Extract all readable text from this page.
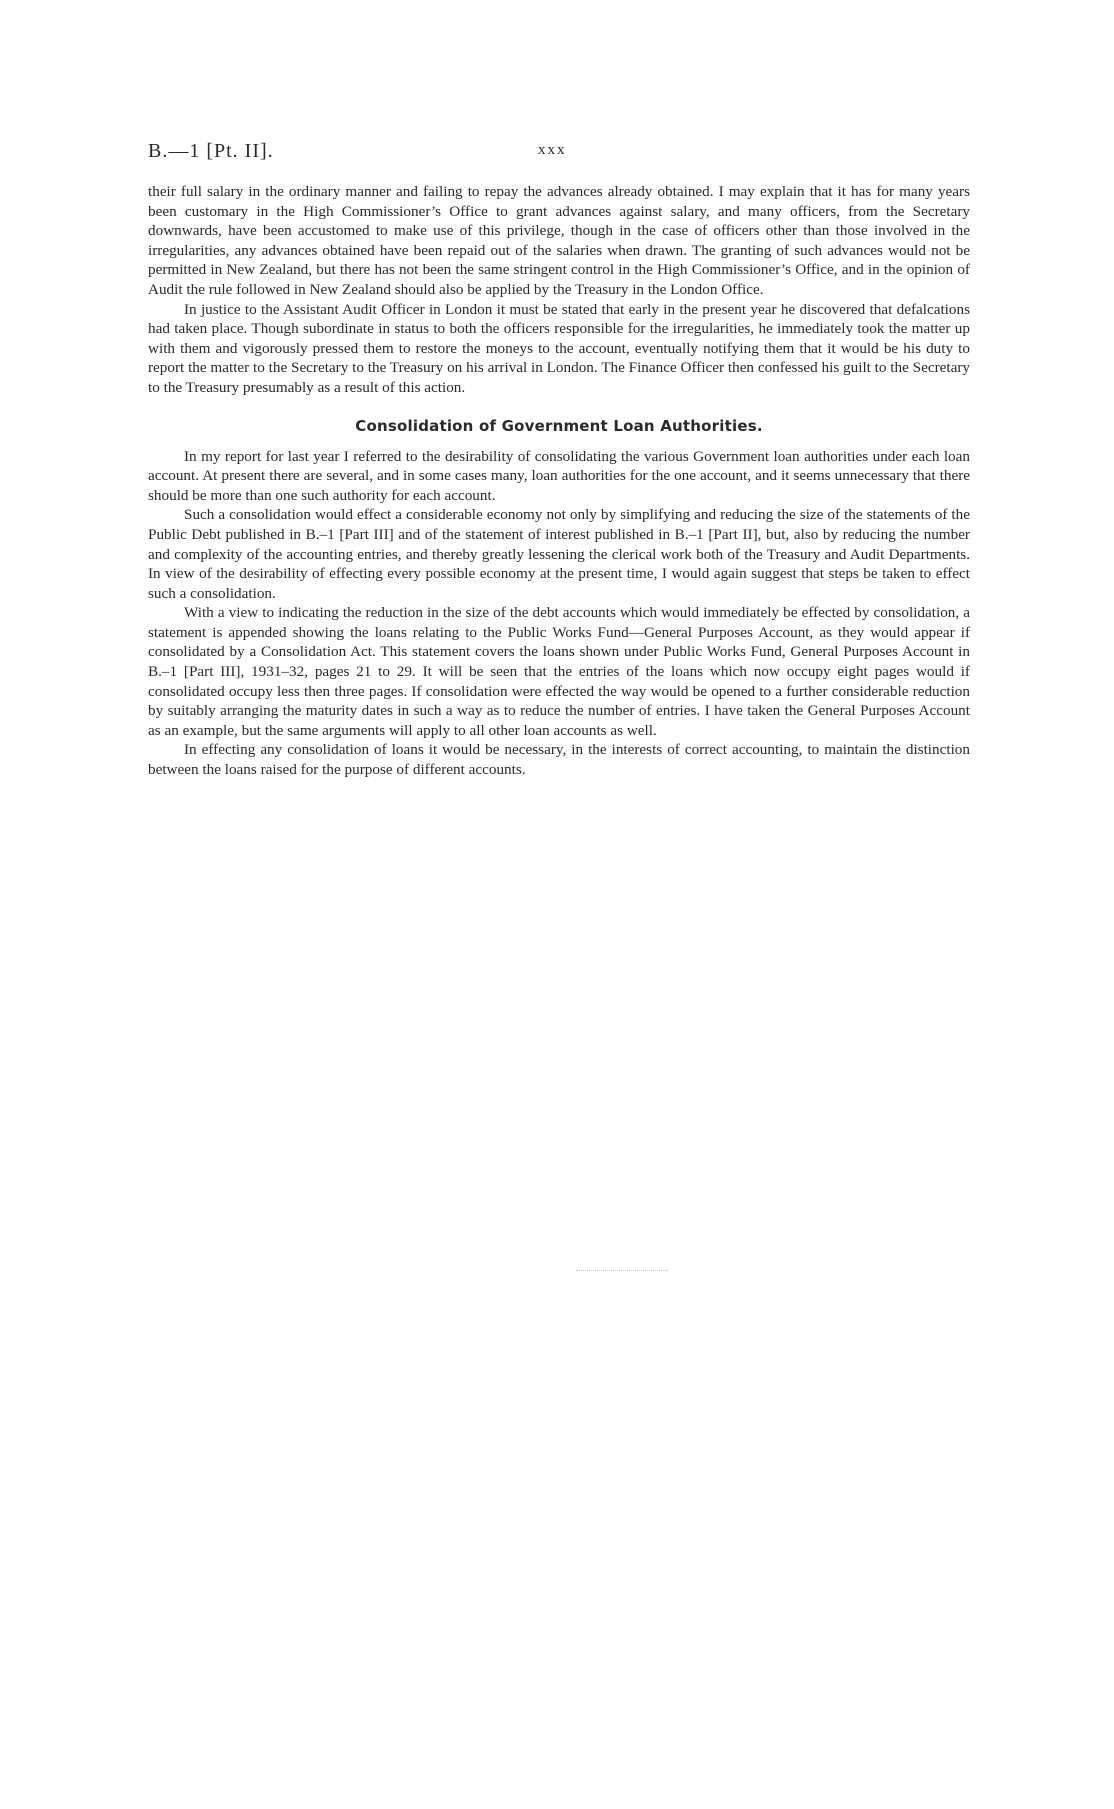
B.—1 [Pt. II].	xxx

their full salary in the ordinary manner and failing to repay the advances already obtained. I may explain that it has for many years been customary in the High Commissioner’s Office to grant advances against salary, and many officers, from the Secretary downwards, have been accustomed to make use of this privilege, though in the case of officers other than those involved in the irregularities, any advances obtained have been repaid out of the salaries when drawn. The granting of such advances would not be permitted in New Zealand, but there has not been the same stringent control in the High Commissioner’s Office, and in the opinion of Audit the rule followed in New Zealand should also be applied by the Treasury in the London Office.

In justice to the Assistant Audit Officer in London it must be stated that early in the present year he discovered that defalcations had taken place. Though subordinate in status to both the officers responsible for the irregularities, he immediately took the matter up with them and vigorously pressed them to restore the moneys to the account, eventually notifying them that it would be his duty to report the matter to the Secretary to the Treasury on his arrival in London. The Finance Officer then confessed his guilt to the Secretary to the Treasury presumably as a result of this action.

Consolidation of Government Loan Authorities.

In my report for last year I referred to the desirability of consolidating the various Government loan authorities under each loan account. At present there are several, and in some cases many, loan authorities for the one account, and it seems unnecessary that there should be more than one such authority for each account.

Such a consolidation would effect a considerable economy not only by simplifying and reducing the size of the statements of the Public Debt published in B.–1 [Part III] and of the statement of interest published in B.–1 [Part II], but, also by reducing the number and complexity of the accounting entries, and thereby greatly lessening the clerical work both of the Treasury and Audit Departments. In view of the desirability of effecting every possible economy at the present time, I would again suggest that steps be taken to effect such a consolidation.

With a view to indicating the reduction in the size of the debt accounts which would immediately be effected by consolidation, a statement is appended showing the loans relating to the Public Works Fund—General Purposes Account, as they would appear if consolidated by a Consolidation Act. This statement covers the loans shown under Public Works Fund, General Purposes Account in B.–1 [Part III], 1931–32, pages 21 to 29. It will be seen that the entries of the loans which now occupy eight pages would if consolidated occupy less then three pages. If consolidation were effected the way would be opened to a further considerable reduction by suitably arranging the maturity dates in such a way as to reduce the number of entries. I have taken the General Purposes Account as an example, but the same arguments will apply to all other loan accounts as well.

In effecting any consolidation of loans it would be necessary, in the interests of correct accounting, to maintain the distinction between the loans raised for the purpose of different accounts.
